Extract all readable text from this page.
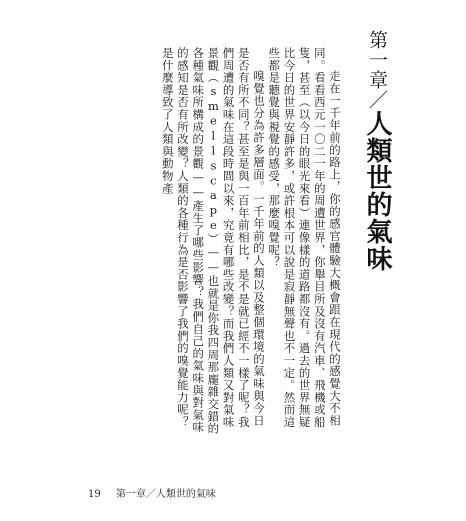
第一章／人類世的氣味

走在一千年前的路上，你的感官體驗大概會跟在現代的感覺大不相同。看看西元一〇二一年的周遭世界，你舉目所及沒有汽車、飛機或船隻，甚至（以今日的眼光來看）連像樣的道路都沒有。過去的世界無疑比今日的世界安靜許多，或許根本可以說是寂靜無聲也不一定。然而這些都是聽覺與視覺的感受，那麼嗅覺呢？

嗅覺也分為許多層面。一千年前的人類以及整個環境的氣味與今日是否有所不同？甚至是與一百年前相比，是不是就已經不一樣了呢？我們周遭的氣味在這段時間以來，究竟有哪些改變？而我們人類又對氣味景觀（smellscape）——也就是你我四周那龐雜交錯的各種氣味所構成的景觀——產生了哪些影響？我們自己的氣味與對氣味的感知是否有所改變？人類的各種行為是否影響了我們的嗅覺能力呢？是什麼導致了人類與動物產

19 第一章／人類世的氣味
